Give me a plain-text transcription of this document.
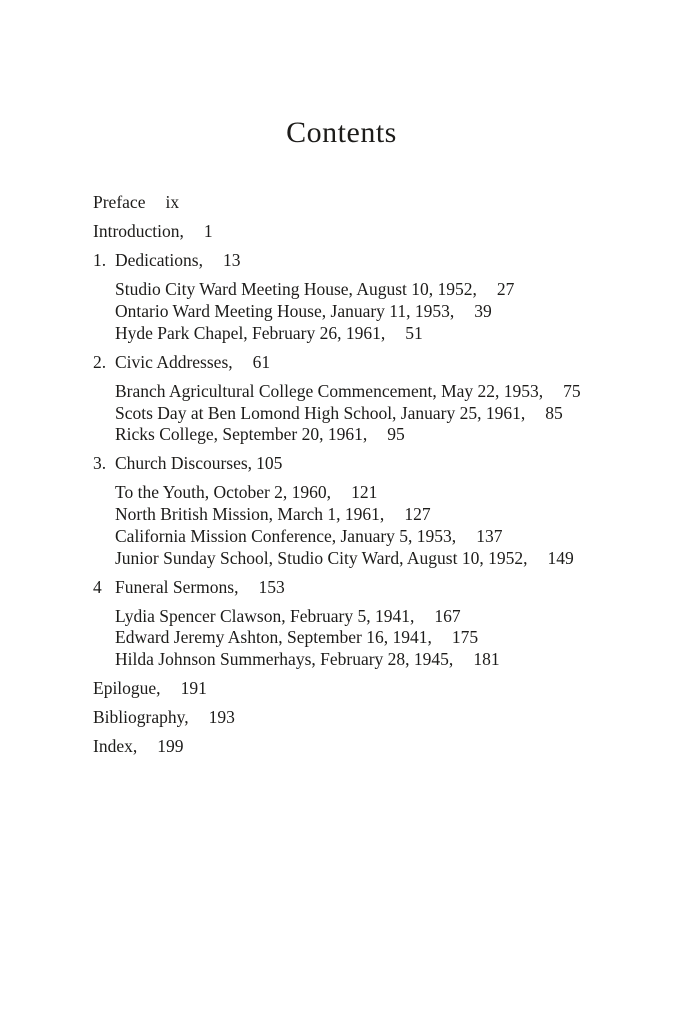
Contents
Preface ix
Introduction, 1
1. Dedications, 13
Studio City Ward Meeting House, August 10, 1952, 27
Ontario Ward Meeting House, January 11, 1953, 39
Hyde Park Chapel, February 26, 1961, 51
2. Civic Addresses, 61
Branch Agricultural College Commencement, May 22, 1953, 75
Scots Day at Ben Lomond High School, January 25, 1961, 85
Ricks College, September 20, 1961, 95
3. Church Discourses, 105
To the Youth, October 2, 1960, 121
North British Mission, March 1, 1961, 127
California Mission Conference, January 5, 1953, 137
Junior Sunday School, Studio City Ward, August 10, 1952, 149
4 Funeral Sermons, 153
Lydia Spencer Clawson, February 5, 1941, 167
Edward Jeremy Ashton, September 16, 1941, 175
Hilda Johnson Summerhays, February 28, 1945, 181
Epilogue, 191
Bibliography, 193
Index, 199
